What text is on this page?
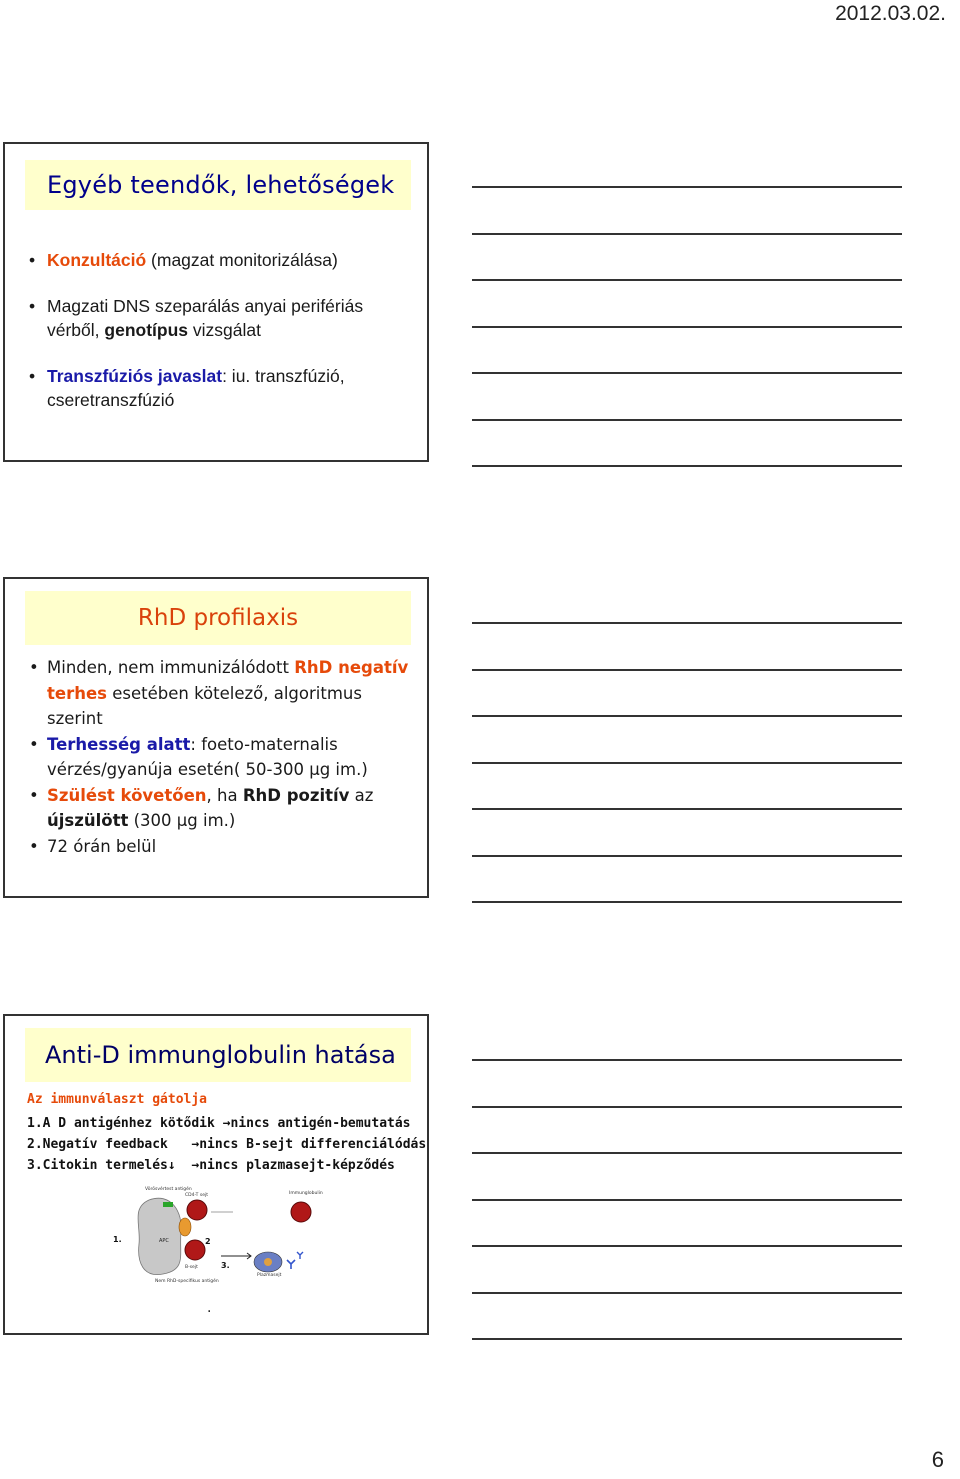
2012.03.02.
Egyéb teendők, lehetőségek
• Konzultáció (magzat monitorizálása)
• Magzati DNS szeparálás anyai perifériás vérből, genotípus vizsgálat
• Transzfúziós javaslat: iu. transzfúzió, cseretranszfúzió
RhD profilaxis
• Minden, nem immunizálódott RhD negatív terhes esetében kötelező, algoritmus szerint
• Terhesség alatt: foeto-maternalis vérzés/gyanúja esetén( 50-300 µg im.)
• Szülést követően, ha RhD pozitív az újszülött (300 µg im.)
• 72 órán belül
Anti-D immunglobulin hatása
Az immunválaszt gátolja
1.A D antigénhez kötődik → nincs antigén-bemutatás
2.Negatív feedback → nincs B-sejt differenciálódás
3.Citokin termelés↓ → nincs plazmasejt-képződés
Vörösvértest antigén
CD4-T sejt	Immunglobulin
APC
B-sejt
Plazmasejt
Nem RhD-specifikus antigén
1.	2
3.
.
6
